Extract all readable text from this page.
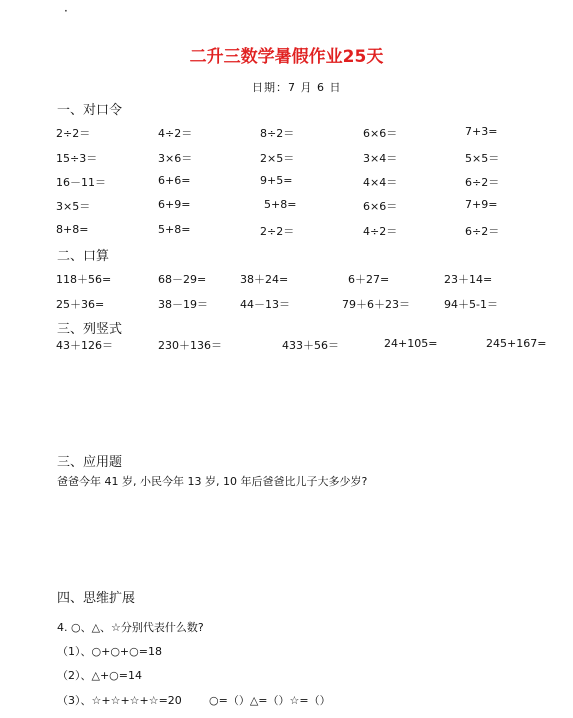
·
二升三数学暑假作业25天
日期：7 月 6 日
一、对口令
2÷2＝	4÷2＝	8÷2＝	6×6＝	7+3=
15÷3＝	3×6＝	2×5＝	3×4＝	5×5＝
16－11＝	6+6=	9+5=	4×4＝	6÷2＝
3×5＝	6+9=	5+8=	6×6＝	7+9=
8+8=	5+8=	2÷2＝	4÷2＝	6÷2＝
二、口算
118＋56=	68－29=	38＋24=	6＋27=	23＋14=
25＋36=	38－19＝	44－13＝	79＋6＋23＝	94＋5-1＝
三、列竖式
43＋126＝	230＋136＝	433＋56＝	24+105=	245+167=
三、应用题
爸爸今年 41 岁, 小民今年 13 岁, 10 年后爸爸比儿子大多少岁?
四、思维扩展
4. ○、△、☆分别代表什么数?
（1）、○+○+○=18
（2）、△+○=14
（3）、☆+☆+☆+☆=20 ○=（）△=（）☆=（）
